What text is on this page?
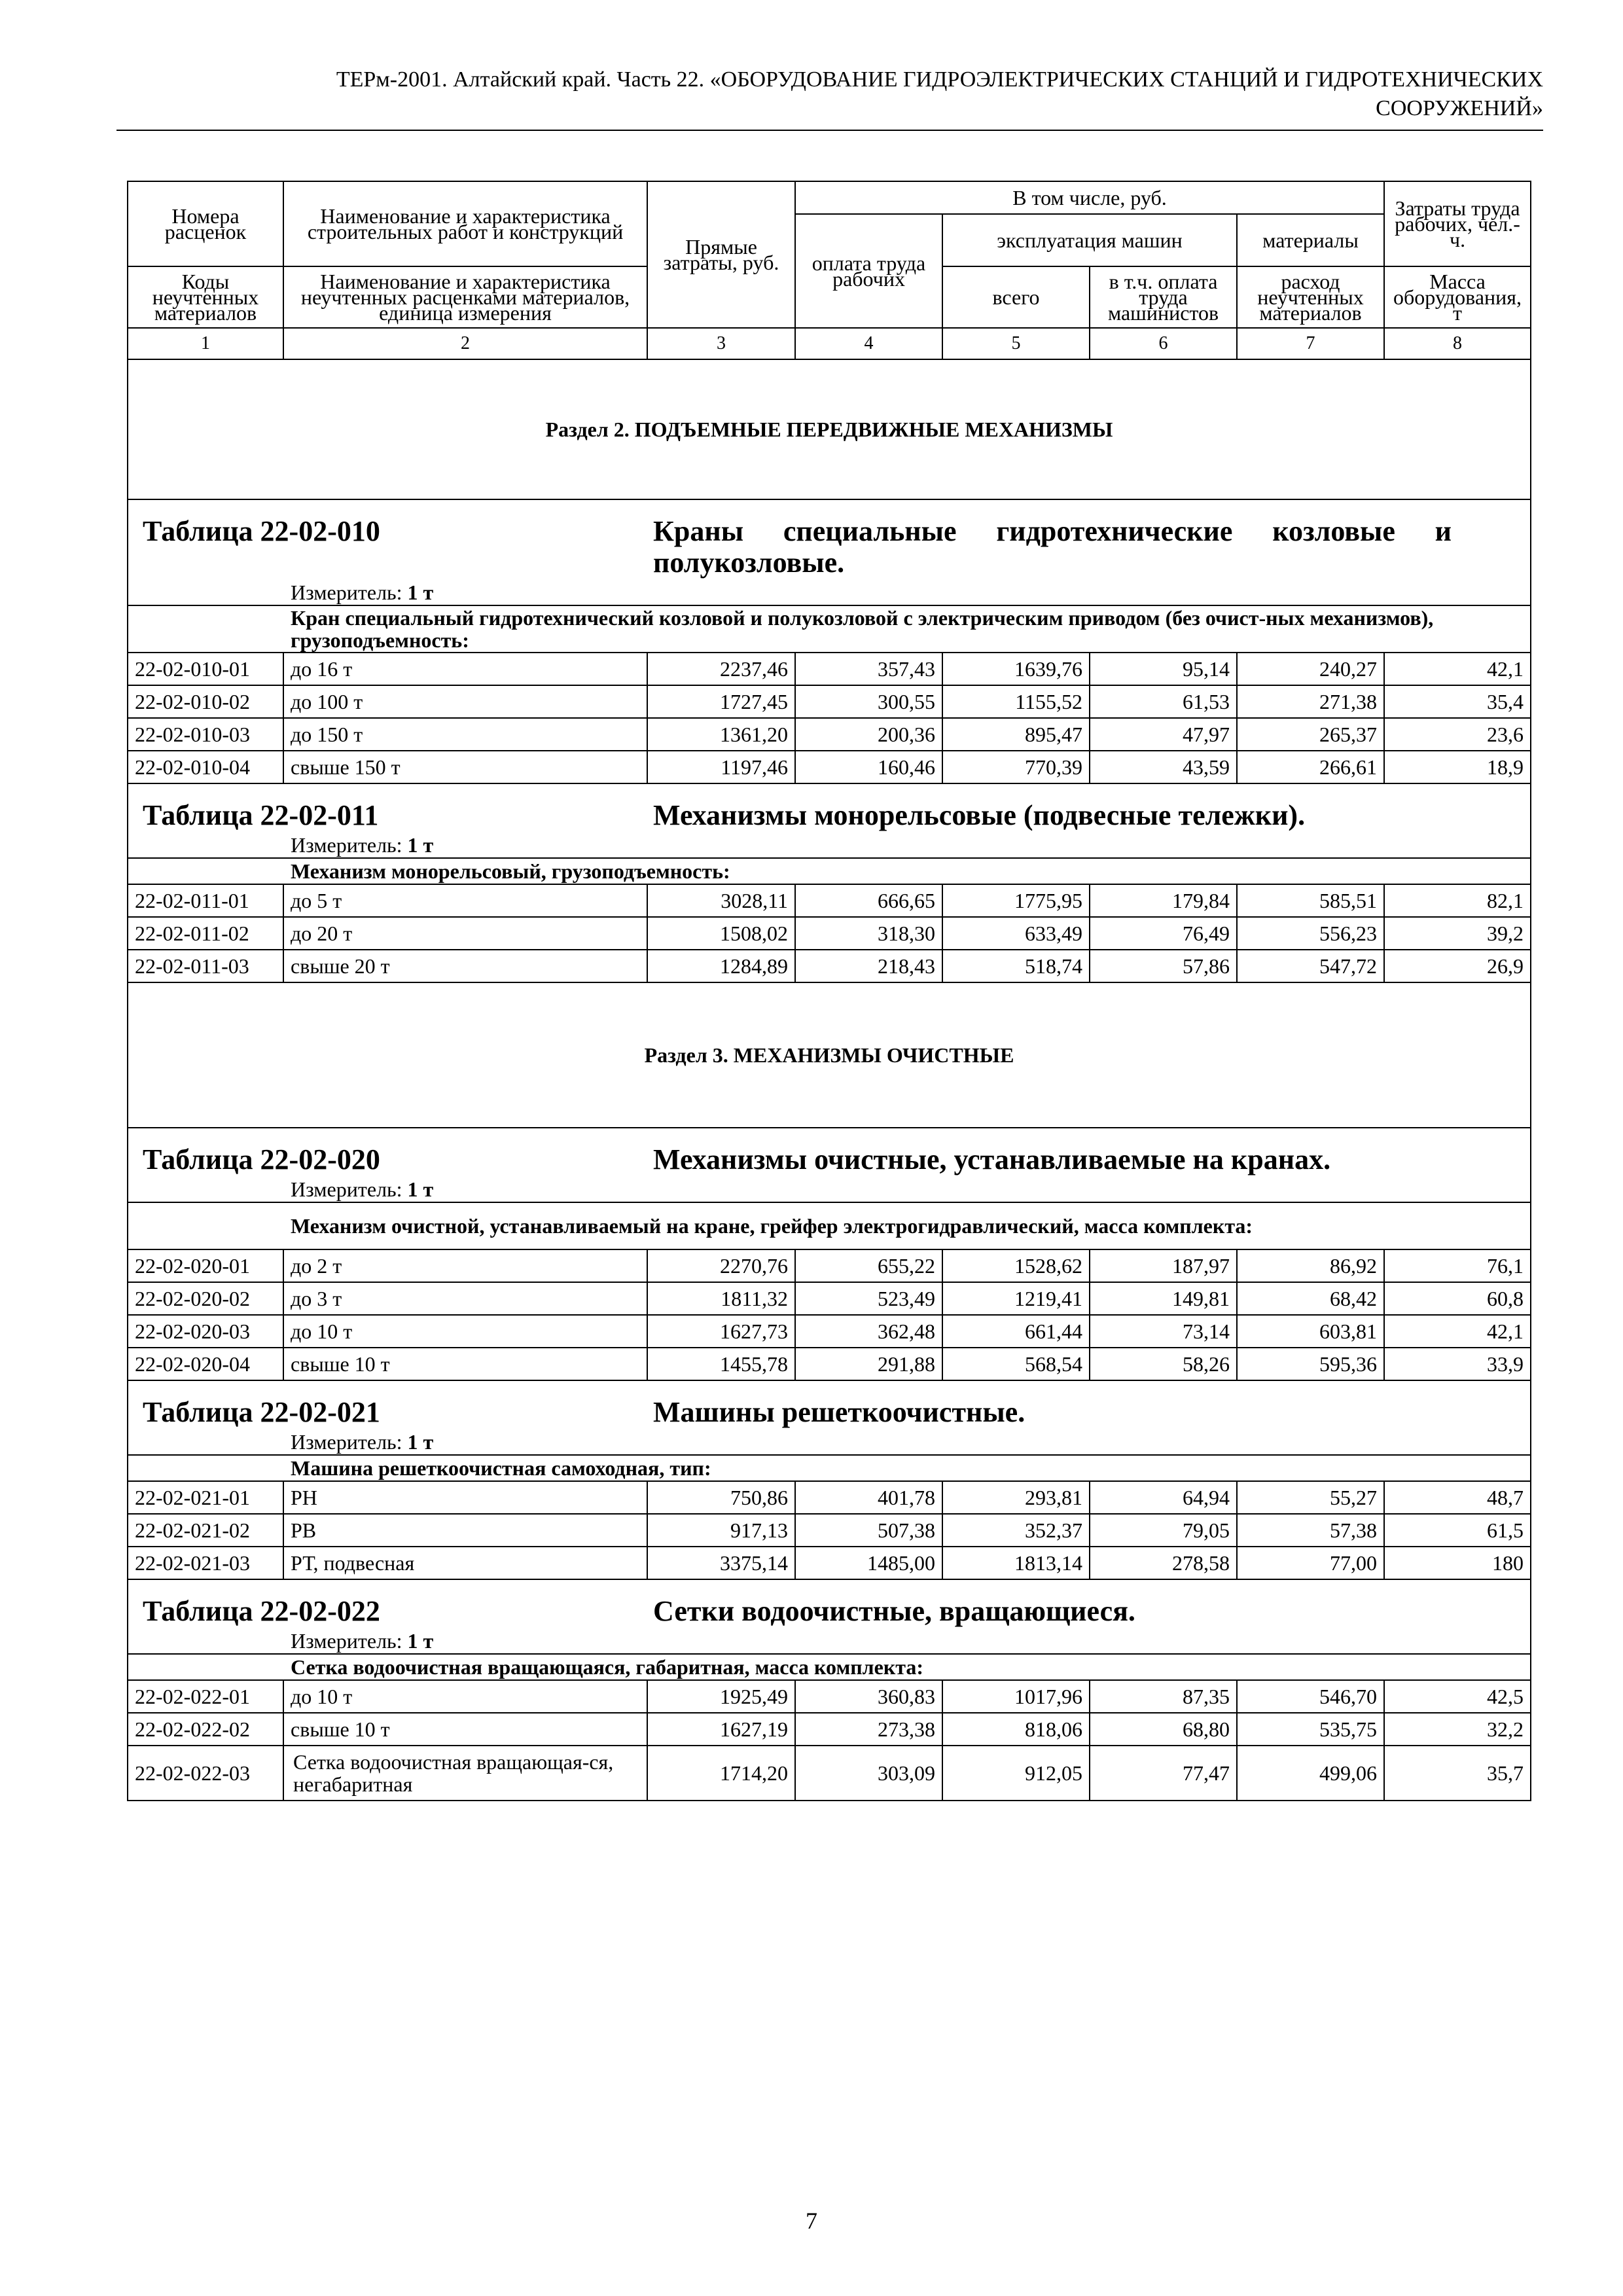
ТЕРм-2001. Алтайский край. Часть 22. «ОБОРУДОВАНИЕ ГИДРОЭЛЕКТРИЧЕСКИХ СТАНЦИЙ И ГИДРОТЕХНИЧЕСКИХ
СООРУЖЕНИЙ»
Номера расценок	Наименование и характеристика строительных работ и конструкций	Прямые затраты, руб.	В том числе, руб.				Затраты труда рабочих, чел.-ч.
			оплата труда рабочих	эксплуатация машин		материалы	
Коды неучтенных материалов	Наименование и характеристика неучтенных расценками материалов, единица измерения			всего	в т.ч. оплата труда машинистов	расход неучтенных материалов	Масса оборудования, т
1	2	3	4	5	6	7	8
Раздел 2. ПОДЪЕМНЫЕ ПЕРЕДВИЖНЫЕ МЕХАНИЗМЫ							

Таблица 22-02-010 Краны специальные гидротехнические козловые и полукозловые.							

Измеритель: 1 т							
Кран специальный гидротехнический козловой и полукозловой с электрическим приводом (без очист-ных механизмов), грузоподъемность:							
22-02-010-01	до 16 т	2237,46	357,43	1639,76	95,14	240,27	42,1
22-02-010-02	до 100 т	1727,45	300,55	1155,52	61,53	271,38	35,4
22-02-010-03	до 150 т	1361,20	200,36	895,47	47,97	265,37	23,6
22-02-010-04	свыше 150 т	1197,46	160,46	770,39	43,59	266,61	18,9

Таблица 22-02-011 Механизмы монорельсовые (подвесные тележки).							

Измеритель: 1 т							
Механизм монорельсовый, грузоподъемность:							
22-02-011-01	до 5 т	3028,11	666,65	1775,95	179,84	585,51	82,1
22-02-011-02	до 20 т	1508,02	318,30	633,49	76,49	556,23	39,2
22-02-011-03	свыше 20 т	1284,89	218,43	518,74	57,86	547,72	26,9
Раздел 3. МЕХАНИЗМЫ ОЧИСТНЫЕ							

Таблица 22-02-020 Механизмы очистные, устанавливаемые на кранах.							

Измеритель: 1 т							
Механизм очистной, устанавливаемый на кране, грейфер электрогидравлический, масса комплекта:							
22-02-020-01	до 2 т	2270,76	655,22	1528,62	187,97	86,92	76,1
22-02-020-02	до 3 т	1811,32	523,49	1219,41	149,81	68,42	60,8
22-02-020-03	до 10 т	1627,73	362,48	661,44	73,14	603,81	42,1
22-02-020-04	свыше 10 т	1455,78	291,88	568,54	58,26	595,36	33,9

Таблица 22-02-021 Машины решеткоочистные.							

Измеритель: 1 т							
Машина решеткоочистная самоходная, тип:							
22-02-021-01	РН	750,86	401,78	293,81	64,94	55,27	48,7
22-02-021-02	РВ	917,13	507,38	352,37	79,05	57,38	61,5
22-02-021-03	РТ, подвесная	3375,14	1485,00	1813,14	278,58	77,00	180

Таблица 22-02-022 Сетки водоочистные, вращающиеся.							

Измеритель: 1 т							
Сетка водоочистная вращающаяся, габаритная, масса комплекта:							
22-02-022-01	до 10 т	1925,49	360,83	1017,96	87,35	546,70	42,5
22-02-022-02	свыше 10 т	1627,19	273,38	818,06	68,80	535,75	32,2
22-02-022-03	Сетка водоочистная вращающая-ся, негабаритная	1714,20	303,09	912,05	77,47	499,06	35,7
7
